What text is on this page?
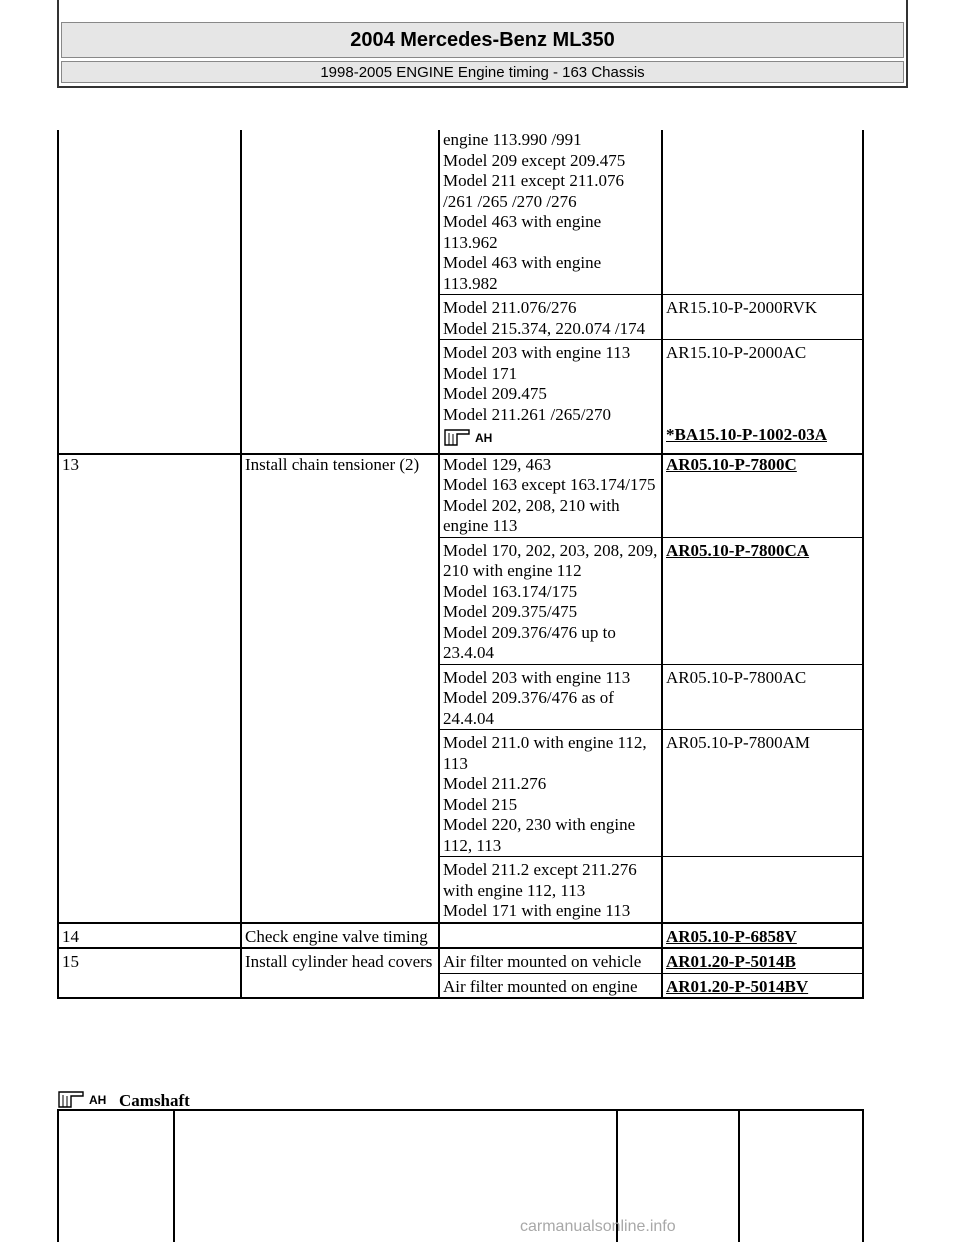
2004 Mercedes-Benz ML350
1998-2005 ENGINE Engine timing - 163 Chassis
		engine 113.990 /991
Model 209 except 209.475
Model 211 except 211.076 /261 /265 /270 /276
Model 463 with engine 113.962
Model 463 with engine 113.982	
		Model 211.076/276
Model 215.374, 220.074 /174	AR15.10-P-2000RVK
		Model 203 with engine 113
Model 171
Model 209.475
Model 211.261 /265/270

AH	AR15.10-P-2000AC

*BA15.10-P-1002-03A
13	Install chain tensioner (2)	Model 129, 463
Model 163 except 163.174/175
Model 202, 208, 210 with engine 113	AR05.10-P-7800C
		Model 170, 202, 203, 208, 209, 210 with engine 112
Model 163.174/175
Model 209.375/475
Model 209.376/476 up to 23.4.04	AR05.10-P-7800CA
		Model 203 with engine 113
Model 209.376/476 as of 24.4.04	AR05.10-P-7800AC
		Model 211.0 with engine 112, 113
Model 211.276
Model 215
Model 220, 230 with engine 112, 113	AR05.10-P-7800AM
		Model 211.2 except 211.276 with engine 112, 113
Model 171 with engine 113	
14	Check engine valve timing		AR05.10-P-6858V
15	Install cylinder head covers	Air filter mounted on vehicle	AR01.20-P-5014B
		Air filter mounted on engine	AR01.20-P-5014BV
AH Camshaft

carmanualsonline.info
